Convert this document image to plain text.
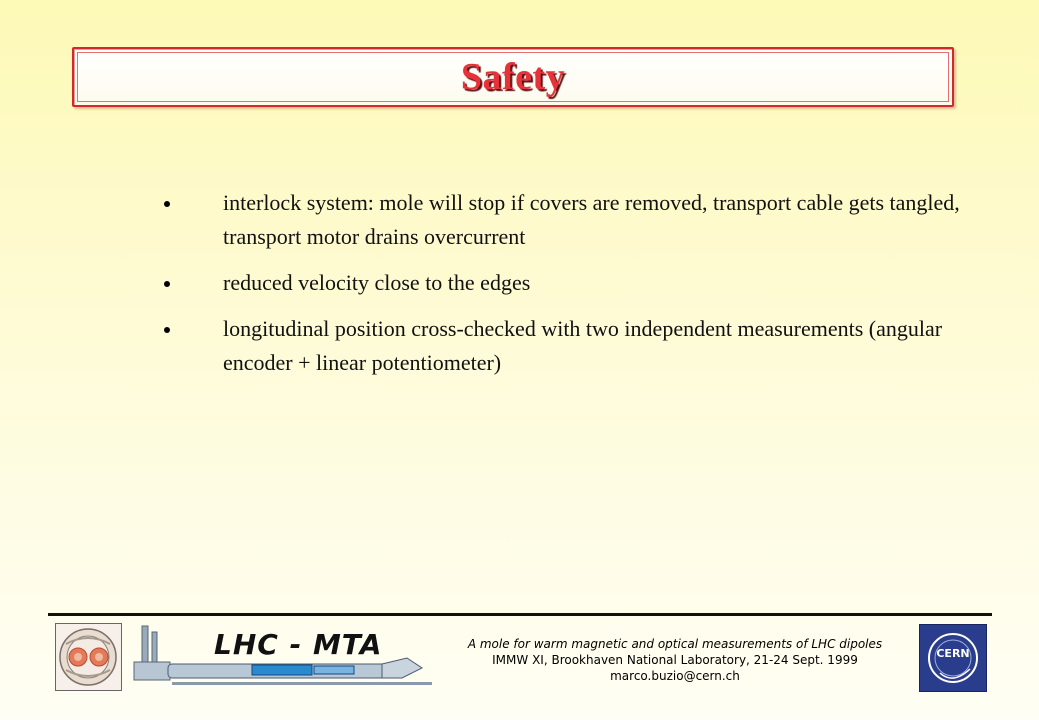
Safety
interlock system: mole will stop if covers are removed, transport cable gets tangled, transport motor drains overcurrent
reduced velocity close to the edges
longitudinal position cross-checked with two independent measurements (angular encoder + linear potentiometer)
LHC - MTA	A mole for warm magnetic and optical measurements of LHC dipoles
IMMW XI, Brookhaven National Laboratory, 21-24 Sept. 1999
marco.buzio@cern.ch
CERN
